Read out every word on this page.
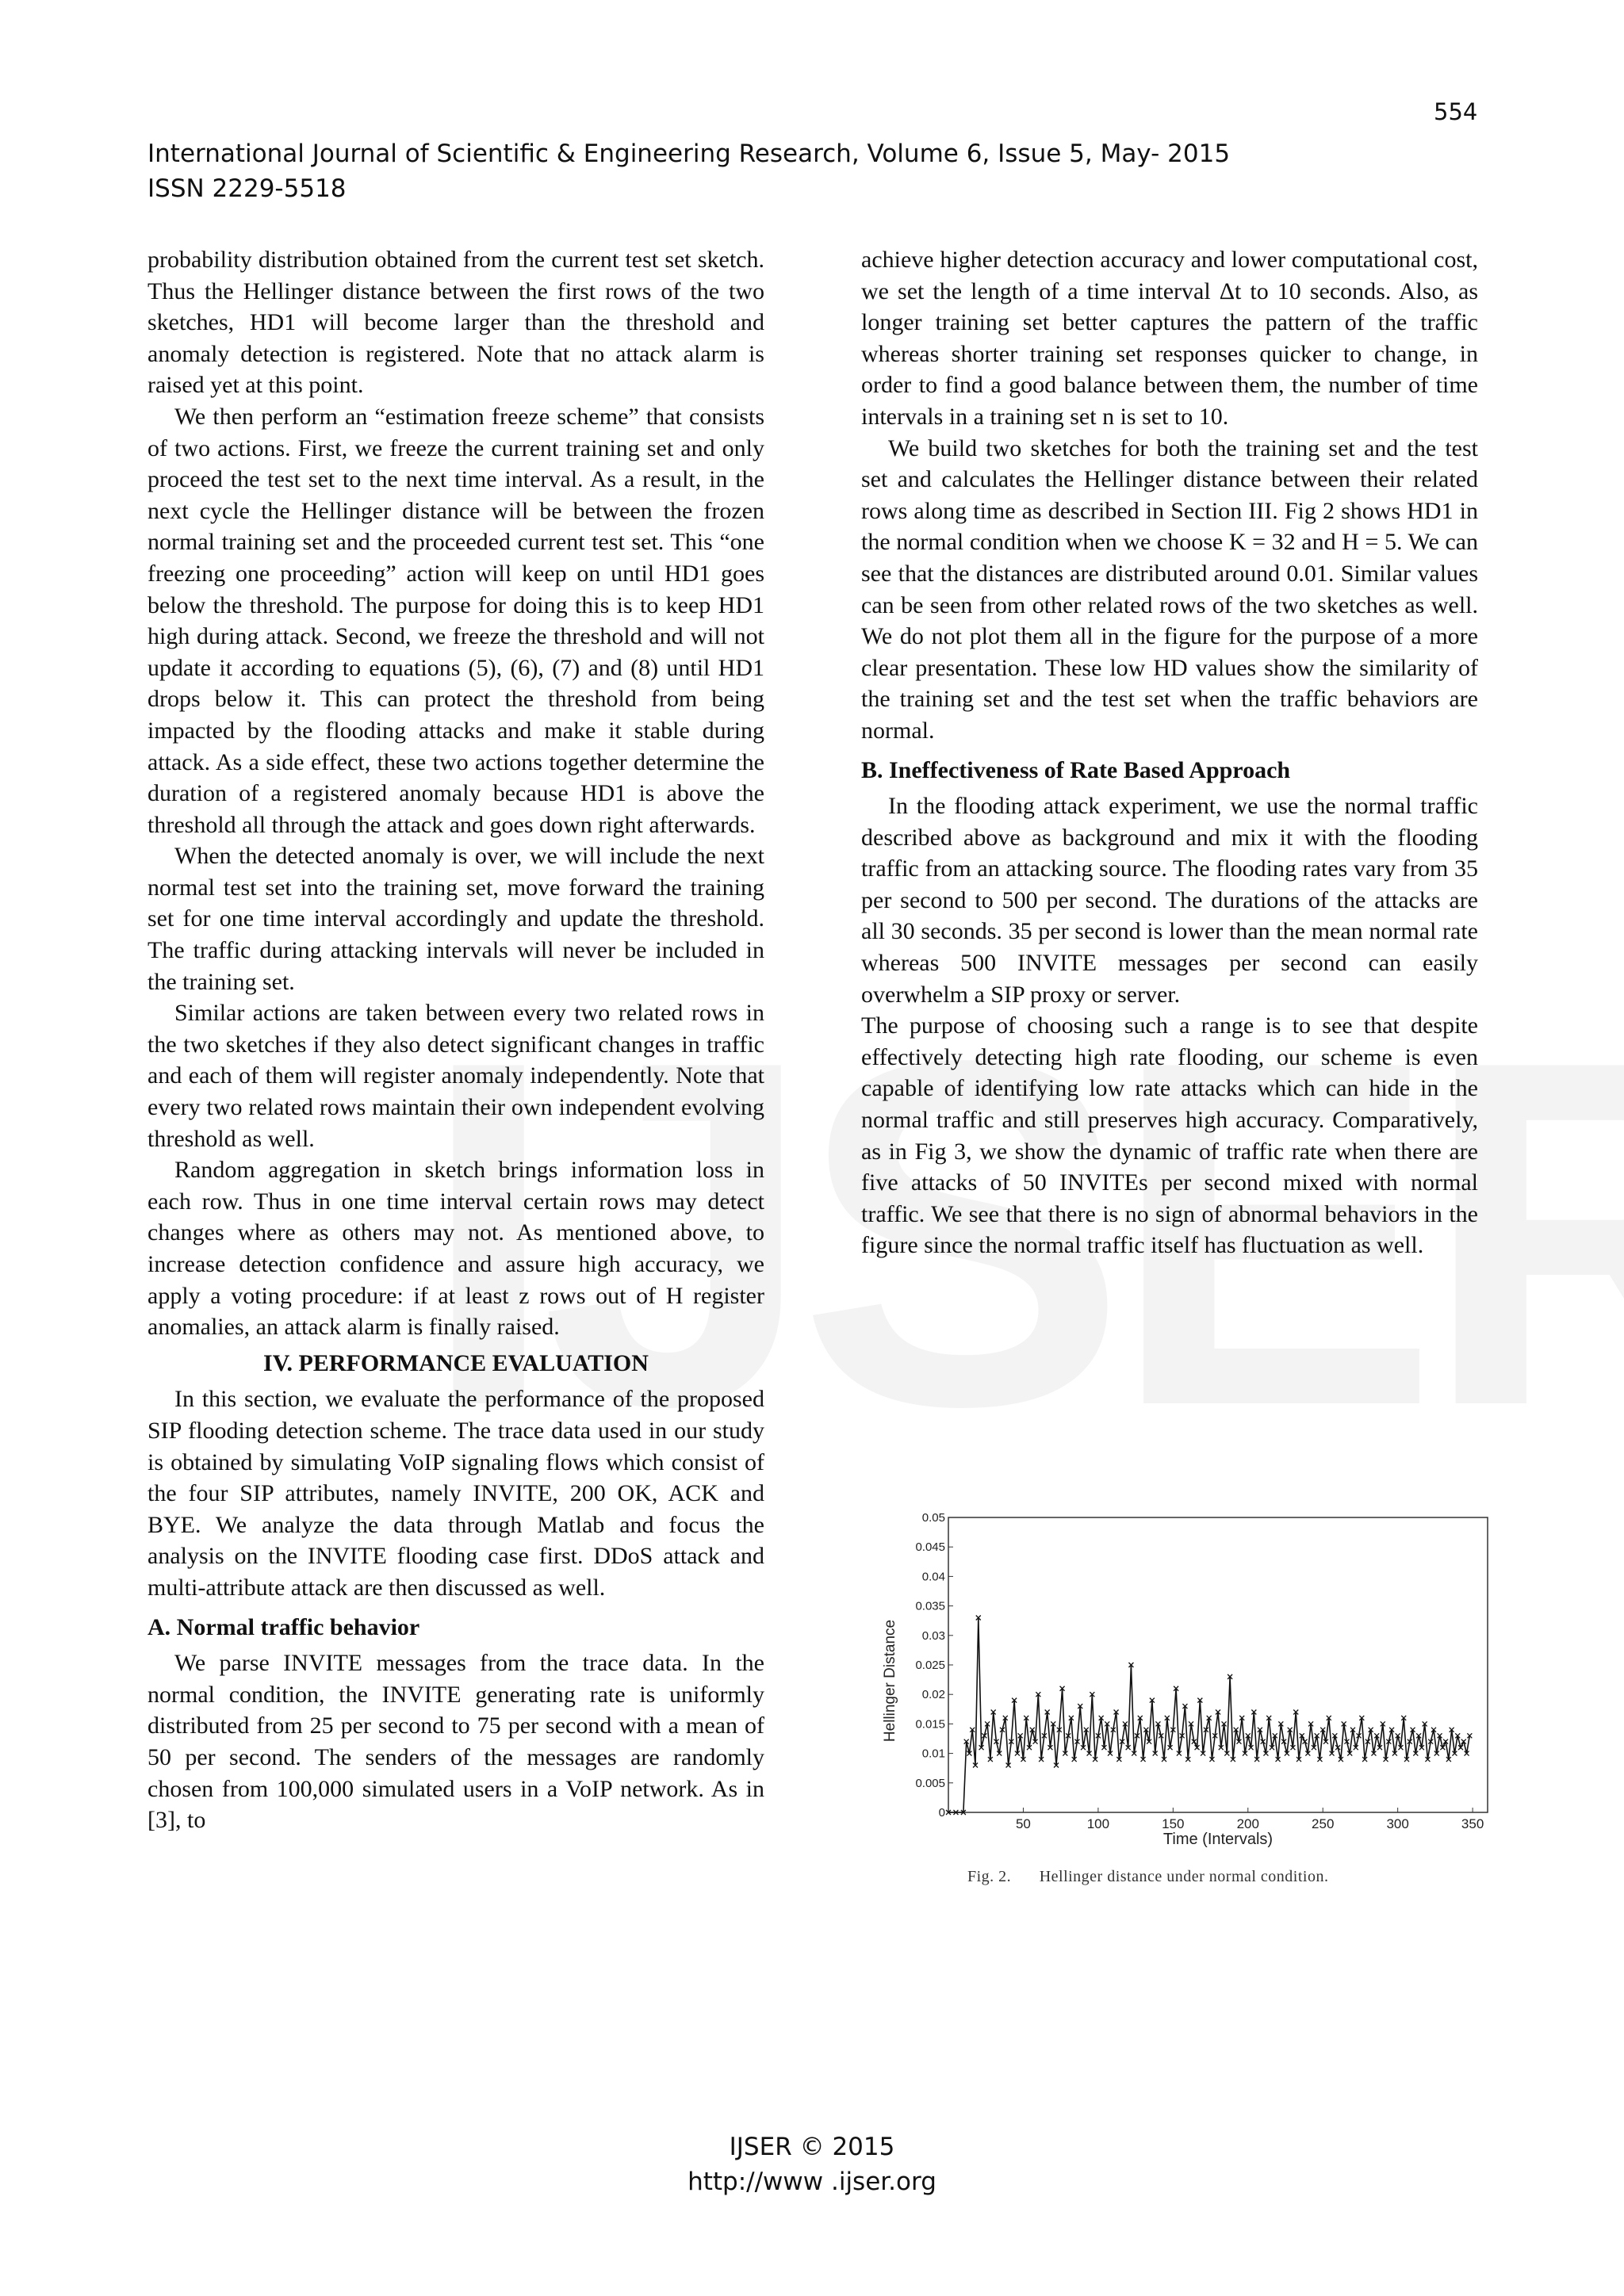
554
International Journal of Scientific & Engineering Research, Volume 6, Issue 5, May- 2015
ISSN 2229-5518

probability distribution obtained from the current test set sketch. Thus the Hellinger distance between the first rows of the two sketches, HD1 will become larger than the threshold and anomaly detection is registered. Note that no attack alarm is raised yet at this point.

We then perform an “estimation freeze scheme” that consists of two actions. First, we freeze the current training set and only proceed the test set to the next time interval. As a result, in the next cycle the Hellinger distance will be between the frozen normal training set and the proceeded current test set. This “one freezing one proceeding” action will keep on until HD1 goes below the threshold. The purpose for doing this is to keep HD1 high during attack. Second, we freeze the threshold and will not update it according to equations (5), (6), (7) and (8) until HD1 drops below it. This can protect the threshold from being impacted by the flooding attacks and make it stable during attack. As a side effect, these two actions together determine the duration of a registered anomaly because HD1 is above the threshold all through the attack and goes down right afterwards.

When the detected anomaly is over, we will include the next normal test set into the training set, move forward the training set for one time interval accordingly and update the threshold. The traffic during attacking intervals will never be included in the training set.

Similar actions are taken between every two related rows in the two sketches if they also detect significant changes in traffic and each of them will register anomaly independently. Note that every two related rows maintain their own independent evolving threshold as well.

Random aggregation in sketch brings information loss in each row. Thus in one time interval certain rows may detect changes where as others may not. As mentioned above, to increase detection confidence and assure high accuracy, we apply a voting procedure: if at least z rows out of H register anomalies, an attack alarm is finally raised.

IV. PERFORMANCE EVALUATION

In this section, we evaluate the performance of the proposed SIP flooding detection scheme. The trace data used in our study is obtained by simulating VoIP signaling flows which consist of the four SIP attributes, namely INVITE, 200 OK, ACK and BYE. We analyze the data through Matlab and focus the analysis on the INVITE flooding case first. DDoS attack and multi-attribute attack are then discussed as well.

A. Normal traffic behavior

We parse INVITE messages from the trace data. In the normal condition, the INVITE generating rate is uniformly distributed from 25 per second to 75 per second with a mean of 50 per second. The senders of the messages are randomly chosen from 100,000 simulated users in a VoIP network. As in [3], to

achieve higher detection accuracy and lower computational cost, we set the length of a time interval Δt to 10 seconds. Also, as longer training set better captures the pattern of the traffic whereas shorter training set responses quicker to change, in order to find a good balance between them, the number of time intervals in a training set n is set to 10.

We build two sketches for both the training set and the test set and calculates the Hellinger distance between their related rows along time as described in Section III. Fig 2 shows HD1 in the normal condition when we choose K = 32 and H = 5. We can see that the distances are distributed around 0.01. Similar values can be seen from other related rows of the two sketches as well. We do not plot them all in the figure for the purpose of a more clear presentation. These low HD values show the similarity of the training set and the test set when the traffic behaviors are normal.

B. Ineffectiveness of Rate Based Approach

In the flooding attack experiment, we use the normal traffic described above as background and mix it with the flooding traffic from an attacking source. The flooding rates vary from 35 per second to 500 per second. The durations of the attacks are all 30 seconds. 35 per second is lower than the mean normal rate whereas 500 INVITE messages per second can easily overwhelm a SIP proxy or server.

The purpose of choosing such a range is to see that despite effectively detecting high rate flooding, our scheme is even capable of identifying low rate attacks which can hide in the normal traffic and still preserves high accuracy. Comparatively, as in Fig 3, we show the dynamic of traffic rate when there are five attacks of 50 INVITEs per second mixed with normal traffic. We see that there is no sign of abnormal behaviors in the figure since the normal traffic itself has fluctuation as well.

0
0.005
0.01
0.015
0.02
0.025
0.03
0.035
0.04
0.045
0.05
50	100	150	200	250	300	350
Time (Intervals)
Hellinger Distance
Fig. 2. Hellinger distance under normal condition.
IJSER © 2015
http://www .ijser.org
